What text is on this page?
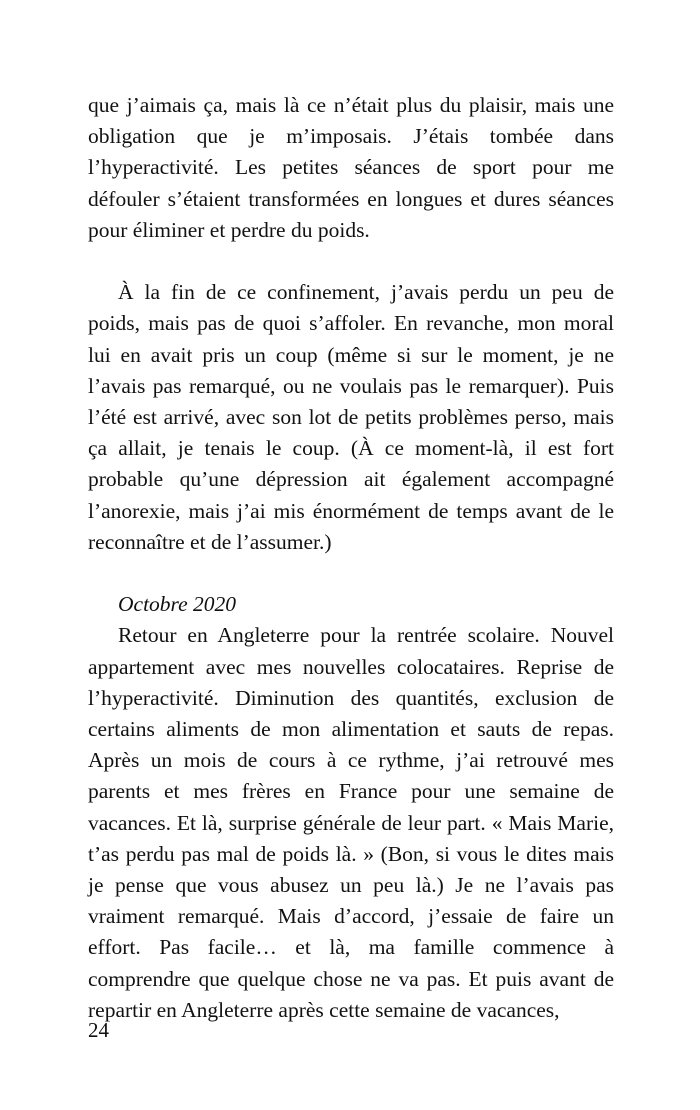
que j’aimais ça, mais là ce n’était plus du plaisir, mais une obligation que je m’imposais. J’étais tombée dans l’hyperactivité. Les petites séances de sport pour me défouler s’étaient transformées en longues et dures séances pour éliminer et perdre du poids.

À la fin de ce confinement, j’avais perdu un peu de poids, mais pas de quoi s’affoler. En revanche, mon moral lui en avait pris un coup (même si sur le moment, je ne l’avais pas remarqué, ou ne voulais pas le remarquer). Puis l’été est arrivé, avec son lot de petits problèmes perso, mais ça allait, je tenais le coup. (À ce moment-là, il est fort probable qu’une dépression ait également accompagné l’anorexie, mais j’ai mis énormément de temps avant de le reconnaître et de l’assumer.)

Octobre 2020

Retour en Angleterre pour la rentrée scolaire. Nouvel appartement avec mes nouvelles colocataires. Reprise de l’hyperactivité. Diminution des quantités, exclusion de certains aliments de mon alimentation et sauts de repas. Après un mois de cours à ce rythme, j’ai retrouvé mes parents et mes frères en France pour une semaine de vacances. Et là, surprise générale de leur part. « Mais Marie, t’as perdu pas mal de poids là. » (Bon, si vous le dites mais je pense que vous abusez un peu là.) Je ne l’avais pas vraiment remarqué. Mais d’accord, j’essaie de faire un effort. Pas facile… et là, ma famille commence à comprendre que quelque chose ne va pas. Et puis avant de repartir en Angleterre après cette semaine de vacances,

24
